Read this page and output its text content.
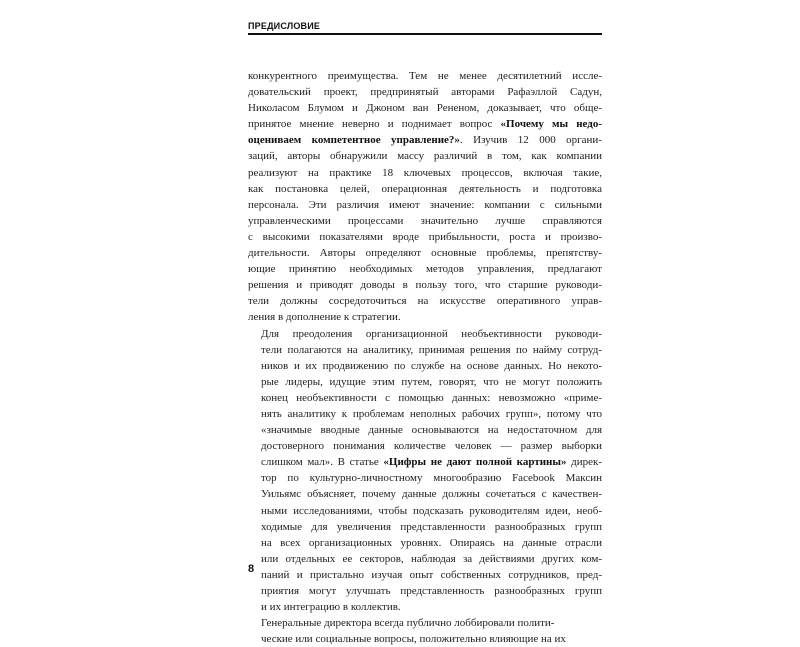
ПРЕДИСЛОВИЕ

конкурентного преимущества. Тем не менее десятилетний иссле-
довательский проект, предпринятый авторами Рафаэллой Садун,
Николасом Блумом и Джоном ван Рененом, доказывает, что обще-
принятое мнение неверно и поднимает вопрос «Почему мы недо-
оцениваем компетентное управление?». Изучив 12 000 органи-
заций, авторы обнаружили массу различий в том, как компании
реализуют на практике 18 ключевых процессов, включая такие,
как постановка целей, операционная деятельность и подготовка
персонала. Эти различия имеют значение: компании с сильными
управленческими процессами значительно лучше справляются
с высокими показателями вроде прибыльности, роста и произво-
дительности. Авторы определяют основные проблемы, препятству-
ющие принятию необходимых методов управления, предлагают
решения и приводят доводы в пользу того, что старшие руководи-
тели должны сосредоточиться на искусстве оперативного управ-
ления в дополнение к стратегии.

Для преодоления организационной необъективности руководи-
тели полагаются на аналитику, принимая решения по найму сотруд-
ников и их продвижению по службе на основе данных. Но некото-
рые лидеры, идущие этим путем, говорят, что не могут положить
конец необъективности с помощью данных: невозможно «приме-
нять аналитику к проблемам неполных рабочих групп», потому что
«значимые вводные данные основываются на недостаточном для
достоверного понимания количестве человек — размер выборки
слишком мал». В статье «Цифры не дают полной картины» дирек-
тор по культурно-личностному многообразию Facebook Максин
Уильямс объясняет, почему данные должны сочетаться с качествен-
ными исследованиями, чтобы подсказать руководителям идеи, необ-
ходимые для увеличения представленности разнообразных групп
на всех организационных уровнях. Опираясь на данные отрасли
или отдельных ее секторов, наблюдая за действиями других ком-
паний и пристально изучая опыт собственных сотрудников, пред-
приятия могут улучшать представленность разнообразных групп
и их интеграцию в коллектив.

Генеральные директора всегда публично лоббировали полити-
ческие или социальные вопросы, положительно влияющие на их

8
